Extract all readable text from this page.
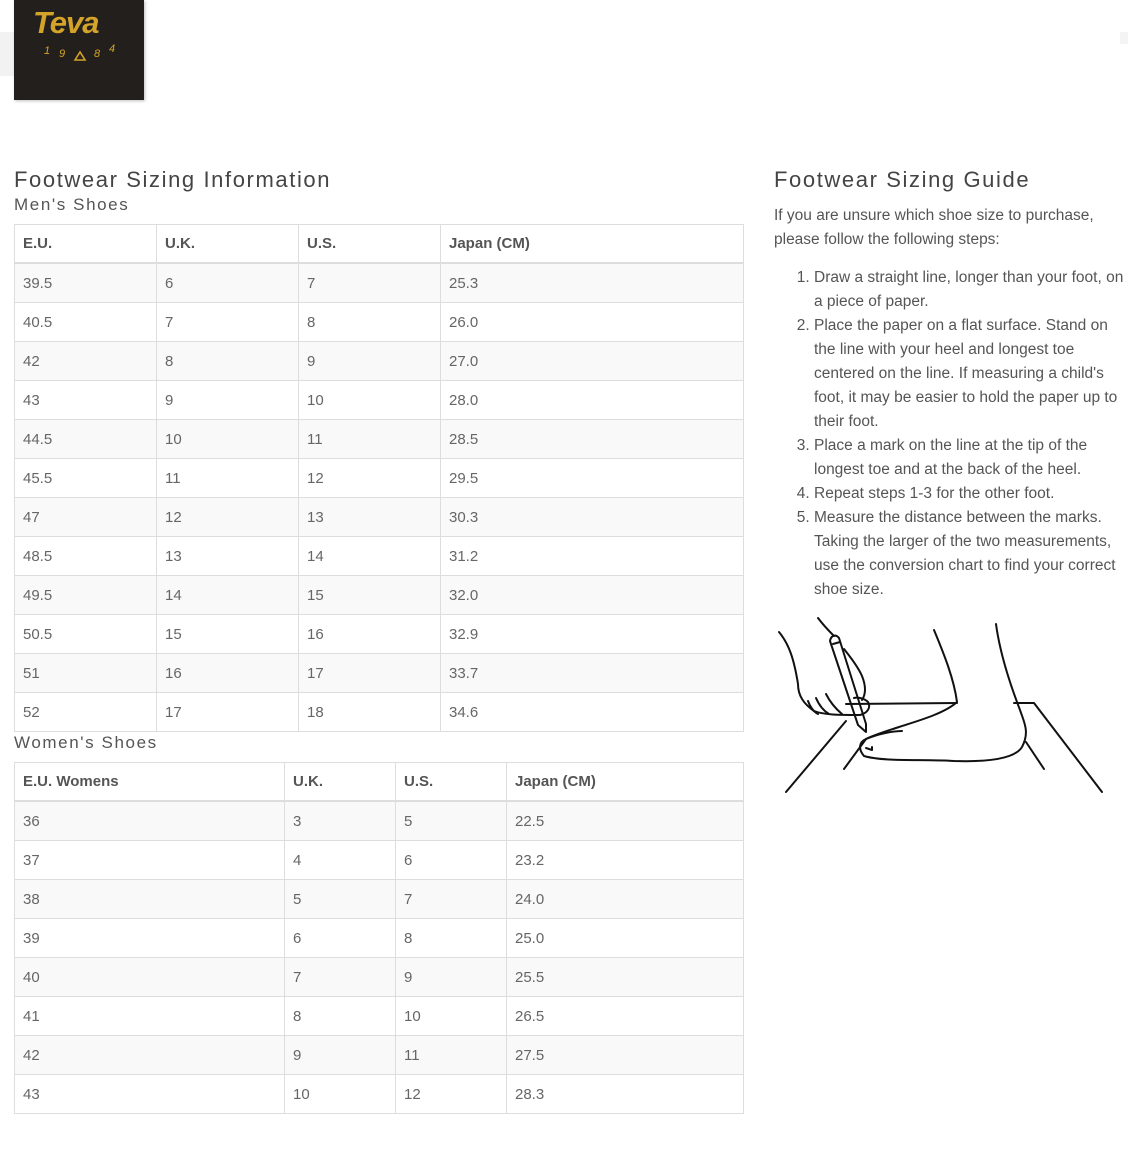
Teva
1 9	8 4
Footwear Sizing Information
Men's Shoes
E.U.	U.K.	U.S.	Japan (CM)
39.5	6	7	25.3
40.5	7	8	26.0
42	8	9	27.0
43	9	10	28.0
44.5	10	11	28.5
45.5	11	12	29.5
47	12	13	30.3
48.5	13	14	31.2
49.5	14	15	32.0
50.5	15	16	32.9
51	16	17	33.7
52	17	18	34.6
Women's Shoes
E.U. Womens	U.K.	U.S.	Japan (CM)
36	3	5	22.5
37	4	6	23.2
38	5	7	24.0
39	6	8	25.0
40	7	9	25.5
41	8	10	26.5
42	9	11	27.5
43	10	12	28.3
Footwear Sizing Guide

If you are unsure which shoe size to purchase, please follow the following steps:

1. Draw a straight line, longer than your foot, on a piece of paper.
2. Place the paper on a flat surface. Stand on the line with your heel and longest toe centered on the line. If measuring a child's foot, it may be easier to hold the paper up to their foot.
3. Place a mark on the line at the tip of the longest toe and at the back of the heel.
4. Repeat steps 1-3 for the other foot.
5. Measure the distance between the marks. Taking the larger of the two measurements, use the conversion chart to find your correct shoe size.
